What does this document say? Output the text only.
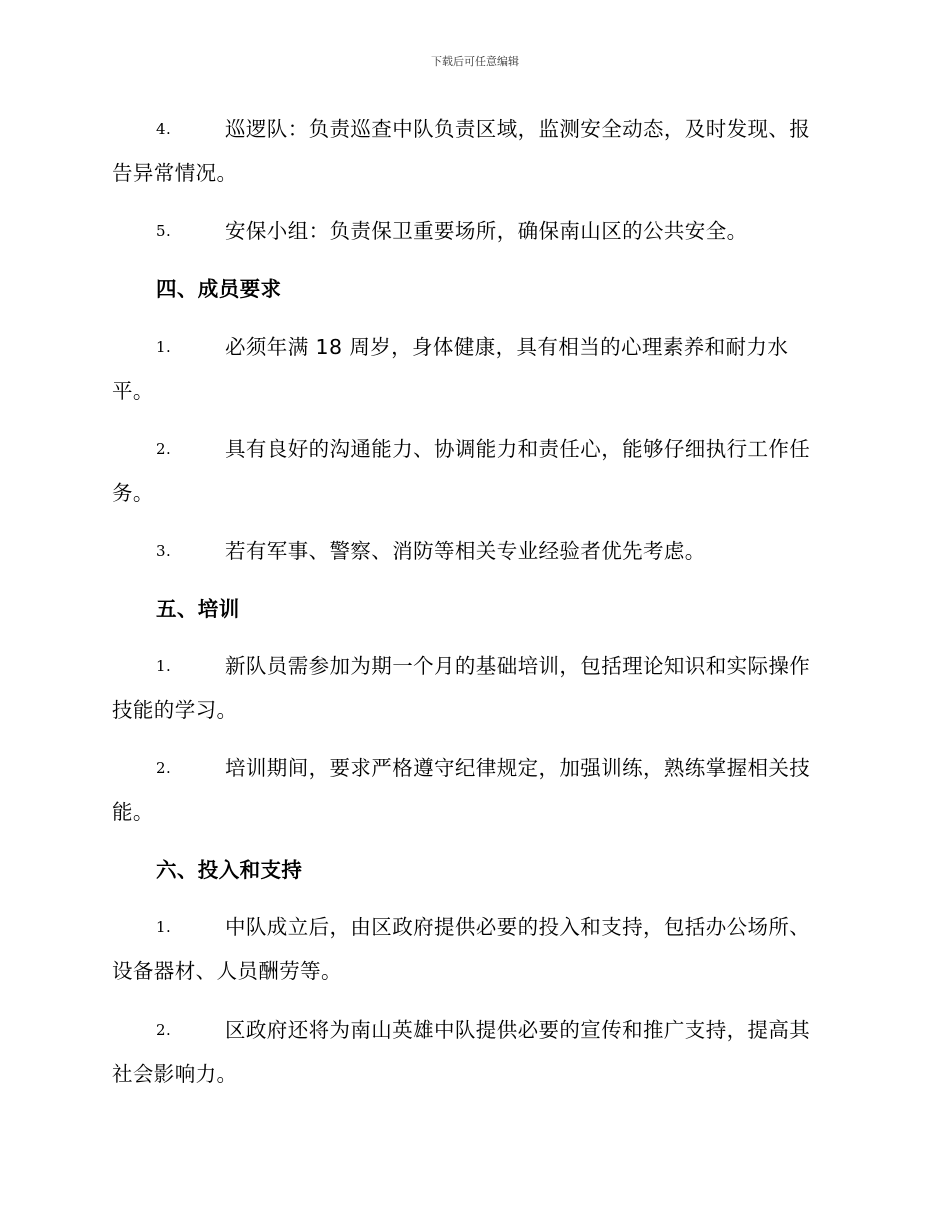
下载后可任意编辑
4.	巡逻队：负责巡查中队负责区域，监测安全动态，及时发现、报
告异常情况。
5.	安保小组：负责保卫重要场所，确保南山区的公共安全。
四、成员要求
1.	必须年满 18 周岁，身体健康，具有相当的心理素养和耐力水
平。
2.	具有良好的沟通能力、协调能力和责任心，能够仔细执行工作任
务。
3.	若有军事、警察、消防等相关专业经验者优先考虑。
五、培训
1.	新队员需参加为期一个月的基础培训，包括理论知识和实际操作
技能的学习。
2.	培训期间，要求严格遵守纪律规定，加强训练，熟练掌握相关技
能。
六、投入和支持
1.	中队成立后，由区政府提供必要的投入和支持，包括办公场所、
设备器材、人员酬劳等。
2.	区政府还将为南山英雄中队提供必要的宣传和推广支持，提高其
社会影响力。
